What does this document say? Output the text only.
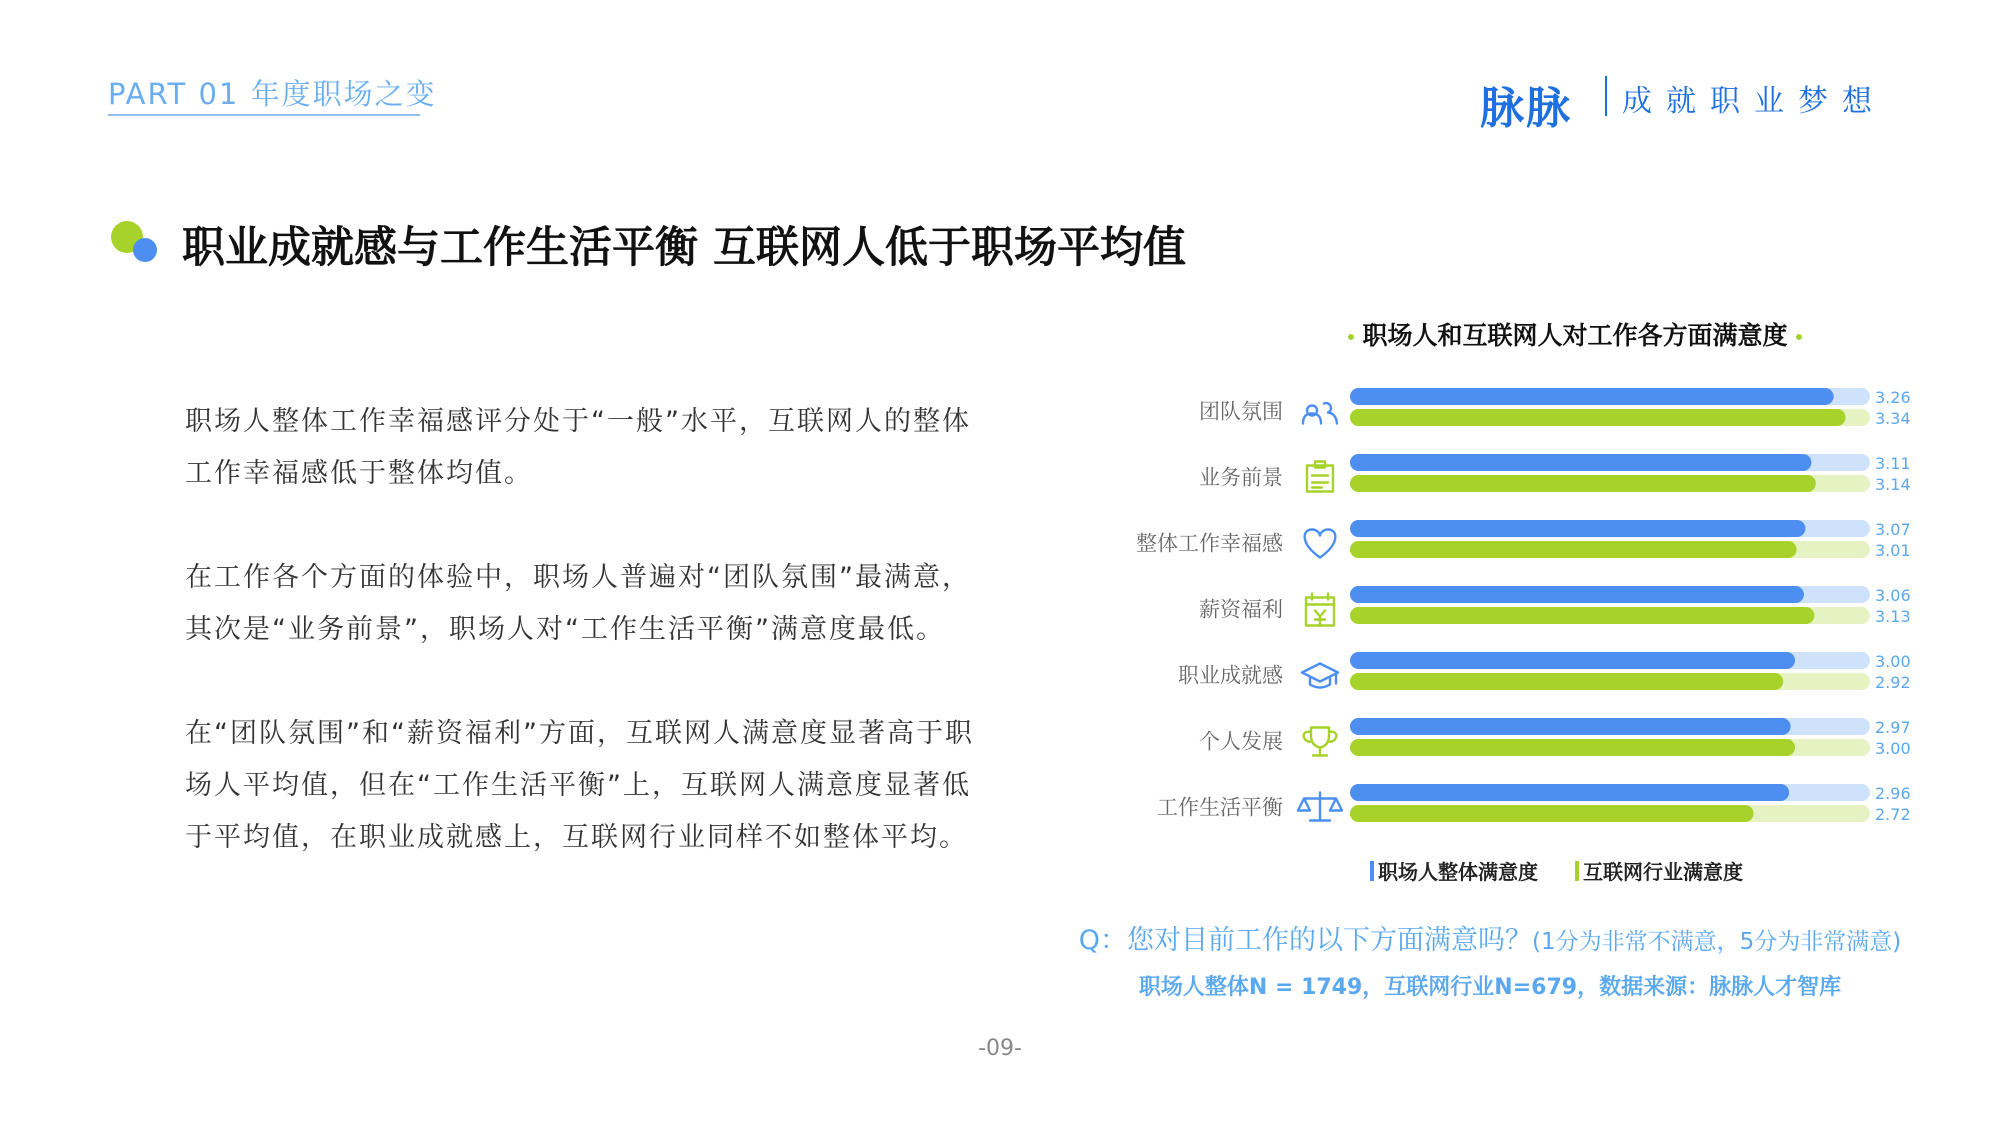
PART 01 年度职场之变	脉脉 成就职业梦想
职业成就感与工作生活平衡 互联网人低于职场平均值

职场人整体工作幸福感评分处于“一般”水平，互联网人的整体工作幸福感低于整体均值。

在工作各个方面的体验中，职场人普遍对“团队氛围”最满意，其次是“业务前景”，职场人对“工作生活平衡”满意度最低。

在“团队氛围”和“薪资福利”方面，互联网人满意度显著高于职场人平均值，但在“工作生活平衡”上，互联网人满意度显著低于平均值，在职业成就感上，互联网行业同样不如整体平均。

职场人和互联网人对工作各方面满意度
团队氛围
3.26
3.34
业务前景
3.11
3.14
整体工作幸福感
3.07
3.01
薪资福利
3.06
3.13
职业成就感
3.00
2.92
个人发展
2.97
3.00
工作生活平衡
2.96
2.72
职场人整体满意度
互联网行业满意度
Q：您对目前工作的以下方面满意吗？(1分为非常不满意，5分为非常满意)
职场人整体N = 1749，互联网行业N=679，数据来源：脉脉人才智库
-09-
